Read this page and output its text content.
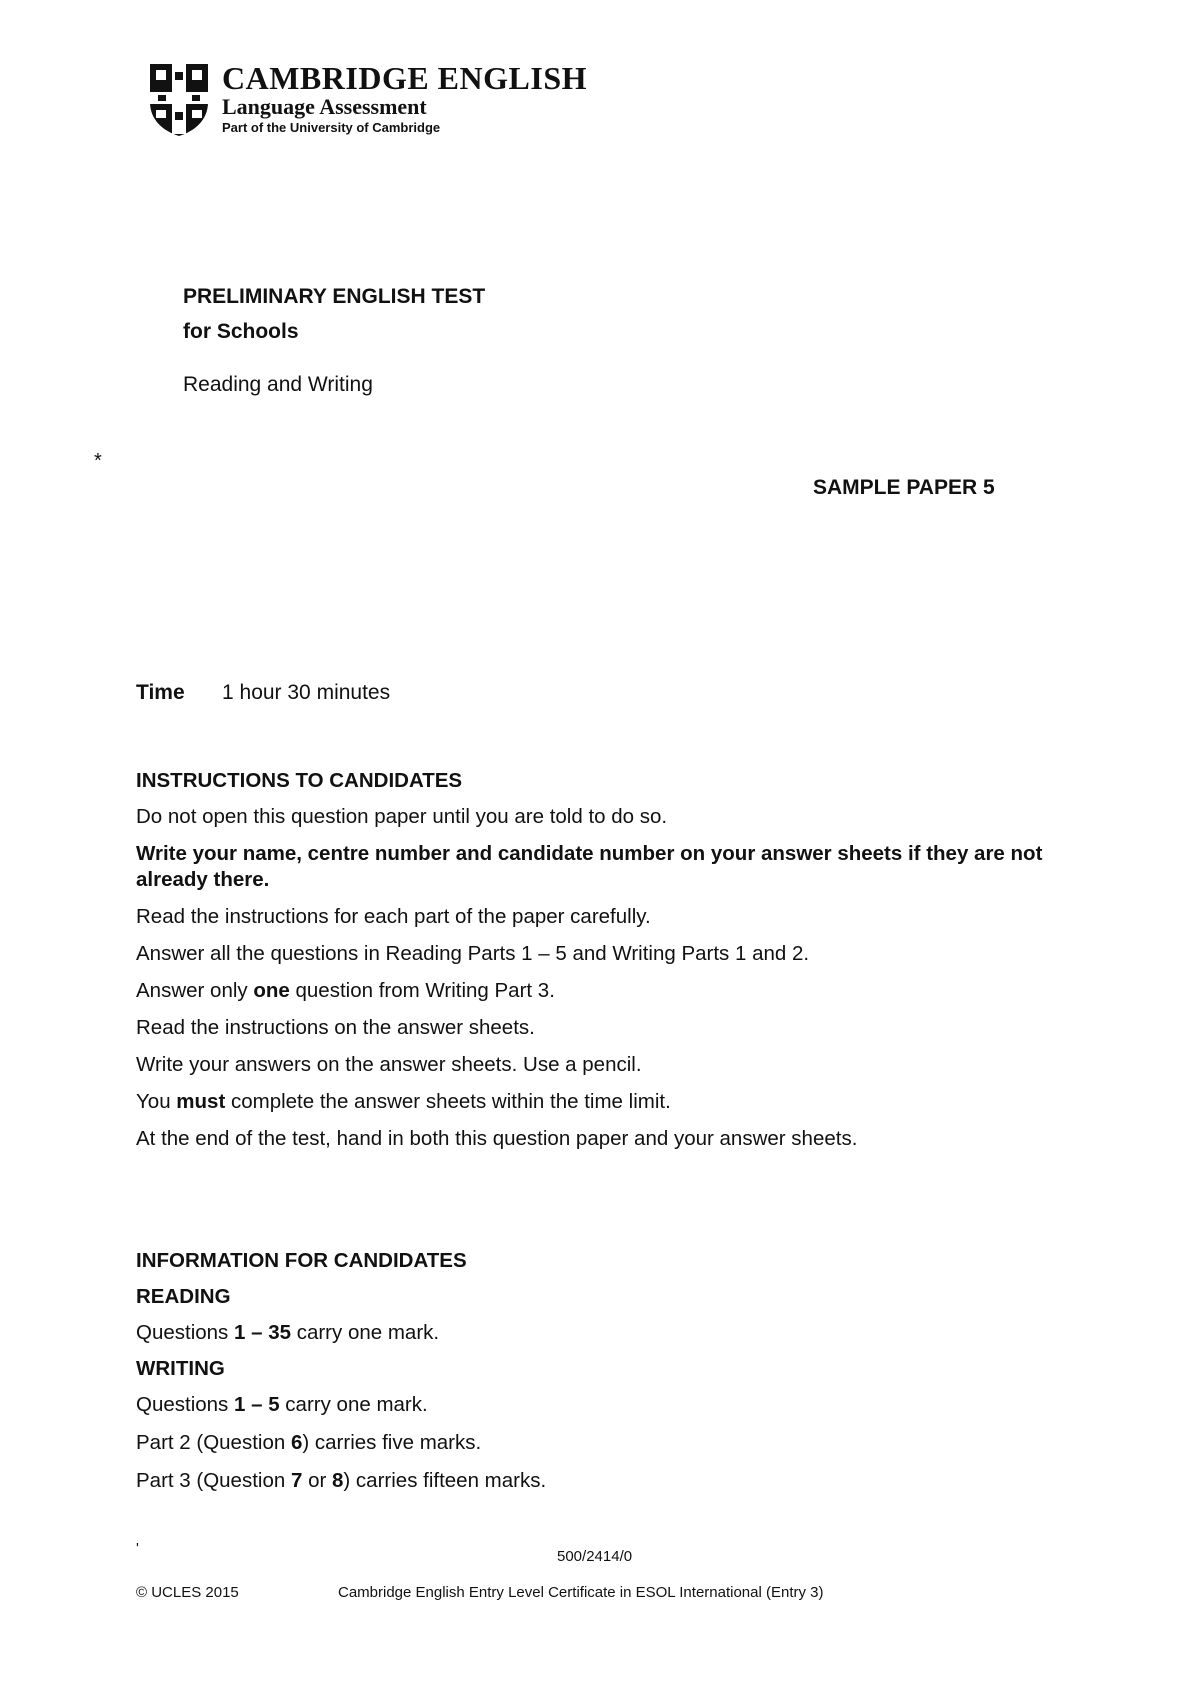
CAMBRIDGE ENGLISH
Language Assessment
Part of the University of Cambridge
PRELIMINARY ENGLISH TEST
for Schools
Reading and Writing
*
SAMPLE PAPER 5
Time 1 hour 30 minutes
INSTRUCTIONS TO CANDIDATES

Do not open this question paper until you are told to do so.

Write your name, centre number and candidate number on your answer sheets if they are not already there.

Read the instructions for each part of the paper carefully.

Answer all the questions in Reading Parts 1 – 5 and Writing Parts 1 and 2.

Answer only one question from Writing Part 3.

Read the instructions on the answer sheets.

Write your answers on the answer sheets. Use a pencil.

You must complete the answer sheets within the time limit.

At the end of the test, hand in both this question paper and your answer sheets.

INFORMATION FOR CANDIDATES
READING

Questions 1 – 35 carry one mark.

WRITING

Questions 1 – 5 carry one mark.

Part 2 (Question 6) carries five marks.

Part 3 (Question 7 or 8) carries fifteen marks.

'	500/2414/0
© UCLES 2015	Cambridge English Entry Level Certificate in ESOL International (Entry 3)
